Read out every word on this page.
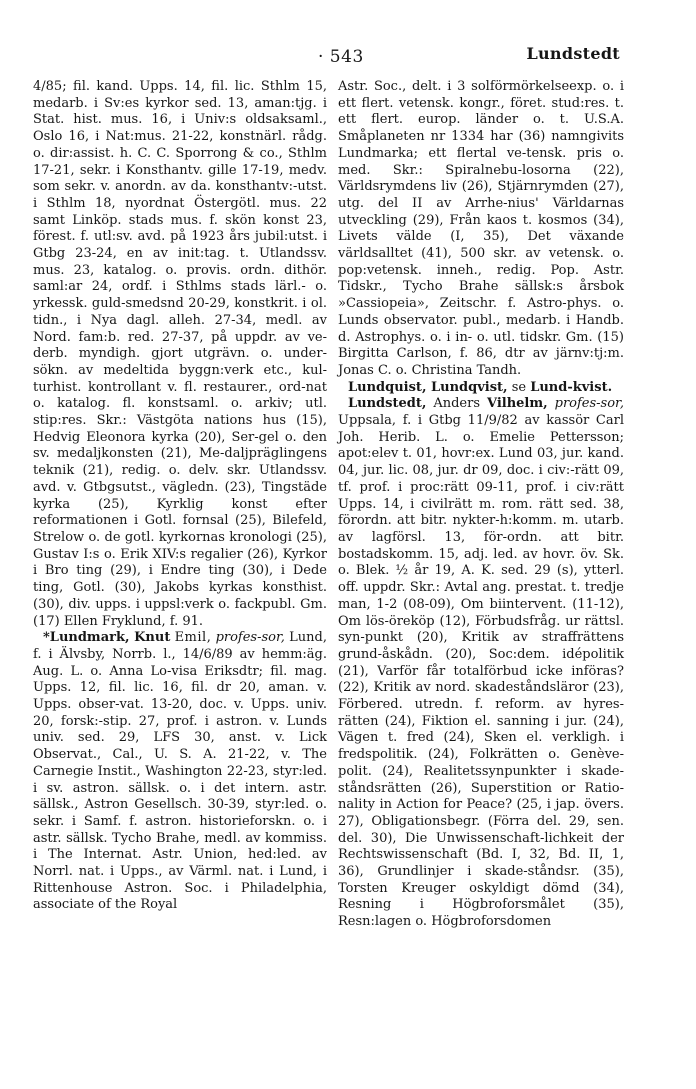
· 543	Lundstedt

4/85; fil. kand. Upps. 14, fil. lic. Sthlm 15, medarb. i Sv:es kyrkor sed. 13, aman:tjg. i Stat. hist. mus. 16, i Univ:s oldsaksaml., Oslo 16, i Nat:mus. 21-22, konstnärl. rådg. o. dir:assist. h. C. C. Sporrong & co., Sthlm 17-21, sekr. i Konsthantv. gille 17-19, medv. som sekr. v. anordn. av da. konsthantv:-utst. i Sthlm 18, nyordnat Östergötl. mus. 22 samt Linköp. stads mus. f. skön konst 23, förest. f. utl:sv. avd. på 1923 års jubil:utst. i Gtbg 23-24, en av init:tag. t. Utlandssv. mus. 23, katalog. o. provis. ordn. dithör. saml:ar 24, ordf. i Sthlms stads lärl.- o. yrkessk. guld-smedsnd 20-29, konstkrit. i ol. tidn., i Nya dagl. alleh. 27-34, medl. av Nord. fam:b. red. 27-37, på uppdr. av ve-derb. myndigh. gjort utgrävn. o. under-sökn. av medeltida byggn:verk etc., kul-turhist. kontrollant v. fl. restaurer., ord-nat o. katalog. fl. konstsaml. o. arkiv; utl. stip:res. Skr.: Västgöta nations hus (15), Hedvig Eleonora kyrka (20), Ser-gel o. den sv. medaljkonsten (21), Me-daljpräglingens teknik (21), redig. o. delv. skr. Utlandssv. avd. v. Gtbgsutst., vägledn. (23), Tingstäde kyrka (25), Kyrklig konst efter reformationen i Gotl. fornsal (25), Bilefeld, Strelow o. de gotl. kyrkornas kronologi (25), Gustav I:s o. Erik XIV:s regalier (26), Kyrkor i Bro ting (29), i Endre ting (30), i Dede ting, Gotl. (30), Jakobs kyrkas konsthist. (30), div. upps. i uppsl:verk o. fackpubl. Gm. (17) Ellen Fryklund, f. 91.

*Lundmark, Knut Emil, profes-sor, Lund, f. i Älvsby, Norrb. l., 14/6/89 av hemm:äg. Aug. L. o. Anna Lo-visa Eriksdtr; fil. mag. Upps. 12, fil. lic. 16, fil. dr 20, aman. v. Upps. obser-vat. 13-20, doc. v. Upps. univ. 20, forsk:-stip. 27, prof. i astron. v. Lunds univ. sed. 29, LFS 30, anst. v. Lick Observat., Cal., U. S. A. 21-22, v. The Carnegie Instit., Washington 22-23, styr:led. i sv. astron. sällsk. o. i det intern. astr. sällsk., Astron Gesellsch. 30-39, styr:led. o. sekr. i Samf. f. astron. historieforskn. o. i astr. sällsk. Tycho Brahe, medl. av kommiss. i The Internat. Astr. Union, hed:led. av Norrl. nat. i Upps., av Värml. nat. i Lund, i Rittenhouse Astron. Soc. i Philadelphia, associate of the Royal

Astr. Soc., delt. i 3 solförmörkelseexp. o. i ett flert. vetensk. kongr., föret. stud:res. t. ett flert. europ. länder o. t. U.S.A. Småplaneten nr 1334 har (36) namngivits Lundmarka; ett flertal ve-tensk. pris o. med. Skr.: Spiralnebu-losorna (22), Världsrymdens liv (26), Stjärnrymden (27), utg. del II av Arrhe-nius' Världarnas utveckling (29), Från kaos t. kosmos (34), Livets välde (I, 35), Det växande världsalltet (41), 500 skr. av vetensk. o. pop:vetensk. inneh., redig. Pop. Astr. Tidskr., Tycho Brahe sällsk:s årsbok »Cassiopeia», Zeitschr. f. Astro-phys. o. Lunds observator. publ., medarb. i Handb. d. Astrophys. o. i in- o. utl. tidskr. Gm. (15) Birgitta Carlson, f. 86, dtr av järnv:tj:m. Jonas C. o. Christina Tandh.

Lundquist, Lundqvist, se Lund-kvist.

Lundstedt, Anders Vilhelm, profes-sor, Uppsala, f. i Gtbg 11/9/82 av kassör Carl Joh. Herib. L. o. Emelie Pettersson; apot:elev t. 01, hovr:ex. Lund 03, jur. kand. 04, jur. lic. 08, jur. dr 09, doc. i civ:-rätt 09, tf. prof. i proc:rätt 09-11, prof. i civ:rätt Upps. 14, i civilrätt m. rom. rätt sed. 38, förordn. att bitr. nykter-h:komm. m. utarb. av lagförsl. 13, för-ordn. att bitr. bostadskomm. 15, adj. led. av hovr. öv. Sk. o. Blek. ½ år 19, A. K. sed. 29 (s), ytterl. off. uppdr. Skr.: Avtal ang. prestat. t. tredje man, 1-2 (08-09), Om biintervent. (11-12), Om lös-öreköp (12), Förbudsfråg. ur rättsl. syn-punkt (20), Kritik av straffrättens grund-åskådn. (20), Soc:dem. idépolitik (21), Varför får totalförbud icke införas? (22), Kritik av nord. skadeståndsläror (23), Förbered. utredn. f. reform. av hyres-rätten (24), Fiktion el. sanning i jur. (24), Vägen t. fred (24), Sken el. verkligh. i fredspolitik. (24), Folkrätten o. Genève-polit. (24), Realitetssynpunkter i skade-ståndsrätten (26), Superstition or Ratio-nality in Action for Peace? (25, i jap. övers. 27), Obligationsbegr. (Förra del. 29, sen. del. 30), Die Unwissenschaft-lichkeit der Rechtswissenschaft (Bd. I, 32, Bd. II, 1, 36), Grundlinjer i skade-ståndsr. (35), Torsten Kreuger oskyldigt dömd (34), Resning i Högbroforsmålet (35), Resn:lagen o. Högbroforsdomen
